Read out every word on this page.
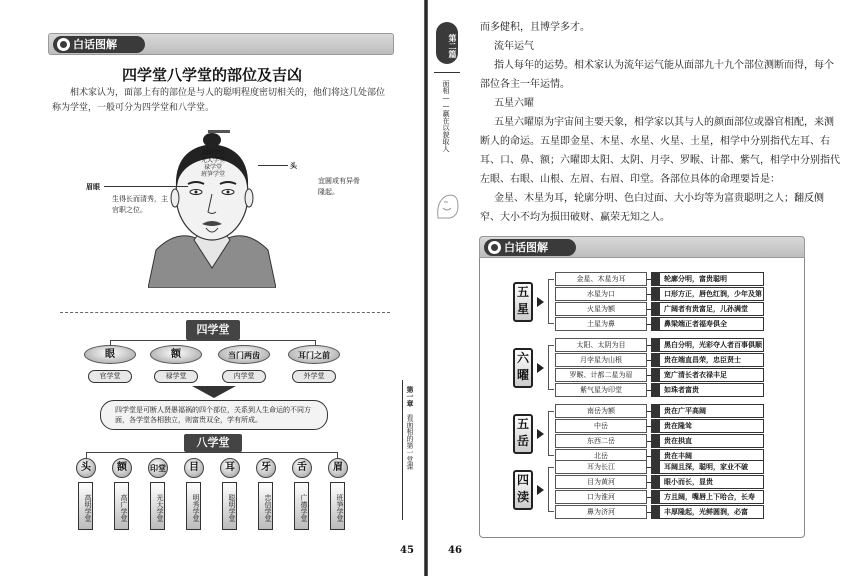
白话图解
四学堂八学堂的部位及吉凶
相术家认为，面部上有的部位是与人的聪明程度密切相关的，他们将这几处部位称为学堂，一般可分为四学堂和八学堂。
高明学堂
光大学堂
禄学堂
班笋学堂
头
宜圆或有异骨隆起。
眉眼
生得长而清秀，主官职之位。
四学堂
眼	额	当门两齿	耳门之前
官学堂	禄学堂	内学堂	外学堂
四学堂是可断人贤愚福祸的四个部位，关系到人生命运的不同方面，各学堂各相独立，则富贵双全，学有所成。
八学堂
头	额	印堂	目	耳	牙	舌	眉
高明学堂	高广学堂	光大学堂	明秀学堂	聪明学堂	忠信学堂	广德学堂	班笋学堂
第一章
看面相的第一堂课
45
第二篇
面相——赢在以貌取人
而多健积，且博学多才。
流年运气
指人每年的运势。相术家认为流年运气能从面部九十九个部位测断而得，每个部位各主一年运情。
五星六曜
五星六曜原为宇宙间主要天象，相学家以其与人的颜面部位或器官相配，来测断人的命运。五星即金星、木星、水星、火星、土星，相学中分别指代左耳、右耳、口、鼻、额；六曜即太阳、太阴、月孛、罗睺、计都、紫气，相学中分别指代左眼、右眼、山根、左眉、右眉、印堂。各部位具体的命理要旨是：
金星、木星为耳，轮廓分明、色白过面、大小均等为富贵聪明之人；翻反侧窄、大小不均为损田破财、赢荣无知之人。
46
白话图解
五星
金星、木星为耳	轮廓分明，富贵聪明
水星为口	口形方正，唇色红润，少年及第
火星为额	广阔者有贵富足，儿孙满堂
土星为鼻	鼻梁端正者福寿俱全
六曜
太阳、太阴为目	黑白分明，光彩夺人者百事俱顺
月孛星为山根	贵在端直昌荣，忠臣贤士
罗睺、计都二星为眉	宽广清长者衣禄丰足
紫气星为印堂	如珠者富贵
五岳
南岳为额	贵在广平高阔
中岳	贵在隆耸
东西二岳	贵在拱直
北岳	贵在丰阔
四渎
耳为长江	耳阔且深，聪明，家业不破
目为黄河	眼小而长，显贵
口为淮河	方且阔，嘴唇上下哈合，长寿
鼻为济河	丰厚隆起，光鲜圆润，必富
